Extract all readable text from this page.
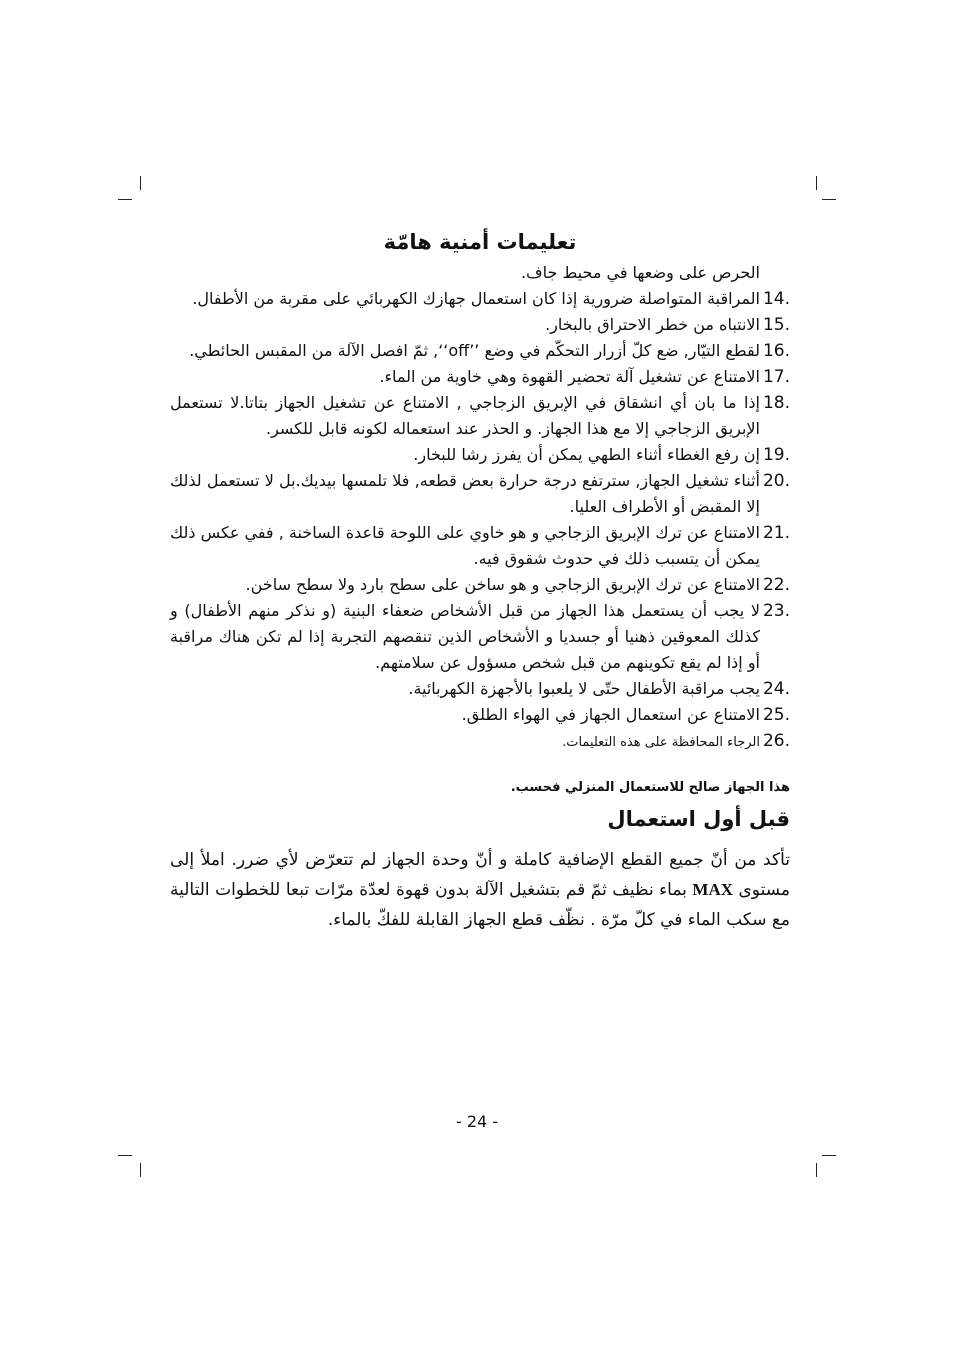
تعليمات أمنية هامّة
الحرص على وضعها في محيط جاف.
14.
المراقبة المتواصلة ضرورية إذا كان استعمال جهازك الكهربائي على مقربة من الأطفال.
15.
الانتباه من خطر الاحتراق بالبخار.
16.
لقطع التيّار, ضع كلّ أزرار التحكّم في وضع ’’off‘‘, ثمّ افصل الآلة من المقبس الحائطي.
17.
الامتناع عن تشغيل آلة تحضير القهوة وهي خاوية من الماء.
18.
إذا ما بان أي انشقاق في الإبريق الزجاجي , الامتناع عن تشغيل الجهاز بتاتا.لا تستعمل الإبريق الزجاجي إلا مع هذا الجهاز. و الحذر عند استعماله لكونه قابل للكسر.
19.
إن رفع الغطاء أثناء الطهي يمكن أن يفرز رشا للبخار.
20.
أثناء تشغيل الجهاز, سترتفع درجة حرارة بعض قطعه, فلا تلمسها بيديك.بل لا تستعمل لذلك إلا المقبض أو الأطراف العليا.
21.
الامتناع عن ترك الإبريق الزجاجي و هو خاوي على اللوحة قاعدة الساخنة , ففي عكس ذلك يمكن أن يتسبب ذلك في حدوث شقوق فيه.
22.
الامتناع عن ترك الإبريق الزجاجي و هو ساخن على سطح بارد ولا سطح ساخن.
23.
لا يجب أن يستعمل هذا الجهاز من قبل الأشخاص ضعفاء البنية (و نذكر منهم الأطفال) و كذلك المعوقين ذهنيا أو جسديا و الأشخاص الذين تنقصهم التجربة إذا لم تكن هناك مراقبة أو إذا لم يقع تكوينهم من قبل شخص مسؤول عن سلامتهم.
24.
يجب مراقبة الأطفال حتّى لا يلعبوا بالأجهزة الكهربائية.
25.
الامتناع عن استعمال الجهاز في الهواء الطلق.
26.
الرجاء المحافظة على هذه التعليمات.
هذا الجهاز صالح للاستعمال المنزلي فحسب.
قبل أول استعمال
تأكد من أنّ جميع القطع الإضافية كاملة و أنّ وحدة الجهاز لم تتعرّض لأي ضرر. املأ إلى مستوى MAX بماء نظيف ثمّ قم بتشغيل الآلة بدون قهوة لعدّة مرّات تبعا للخطوات التالية مع سكب الماء في كلّ مرّة . نظّف قطع الجهاز القابلة للفكّ بالماء.
- 24 -
